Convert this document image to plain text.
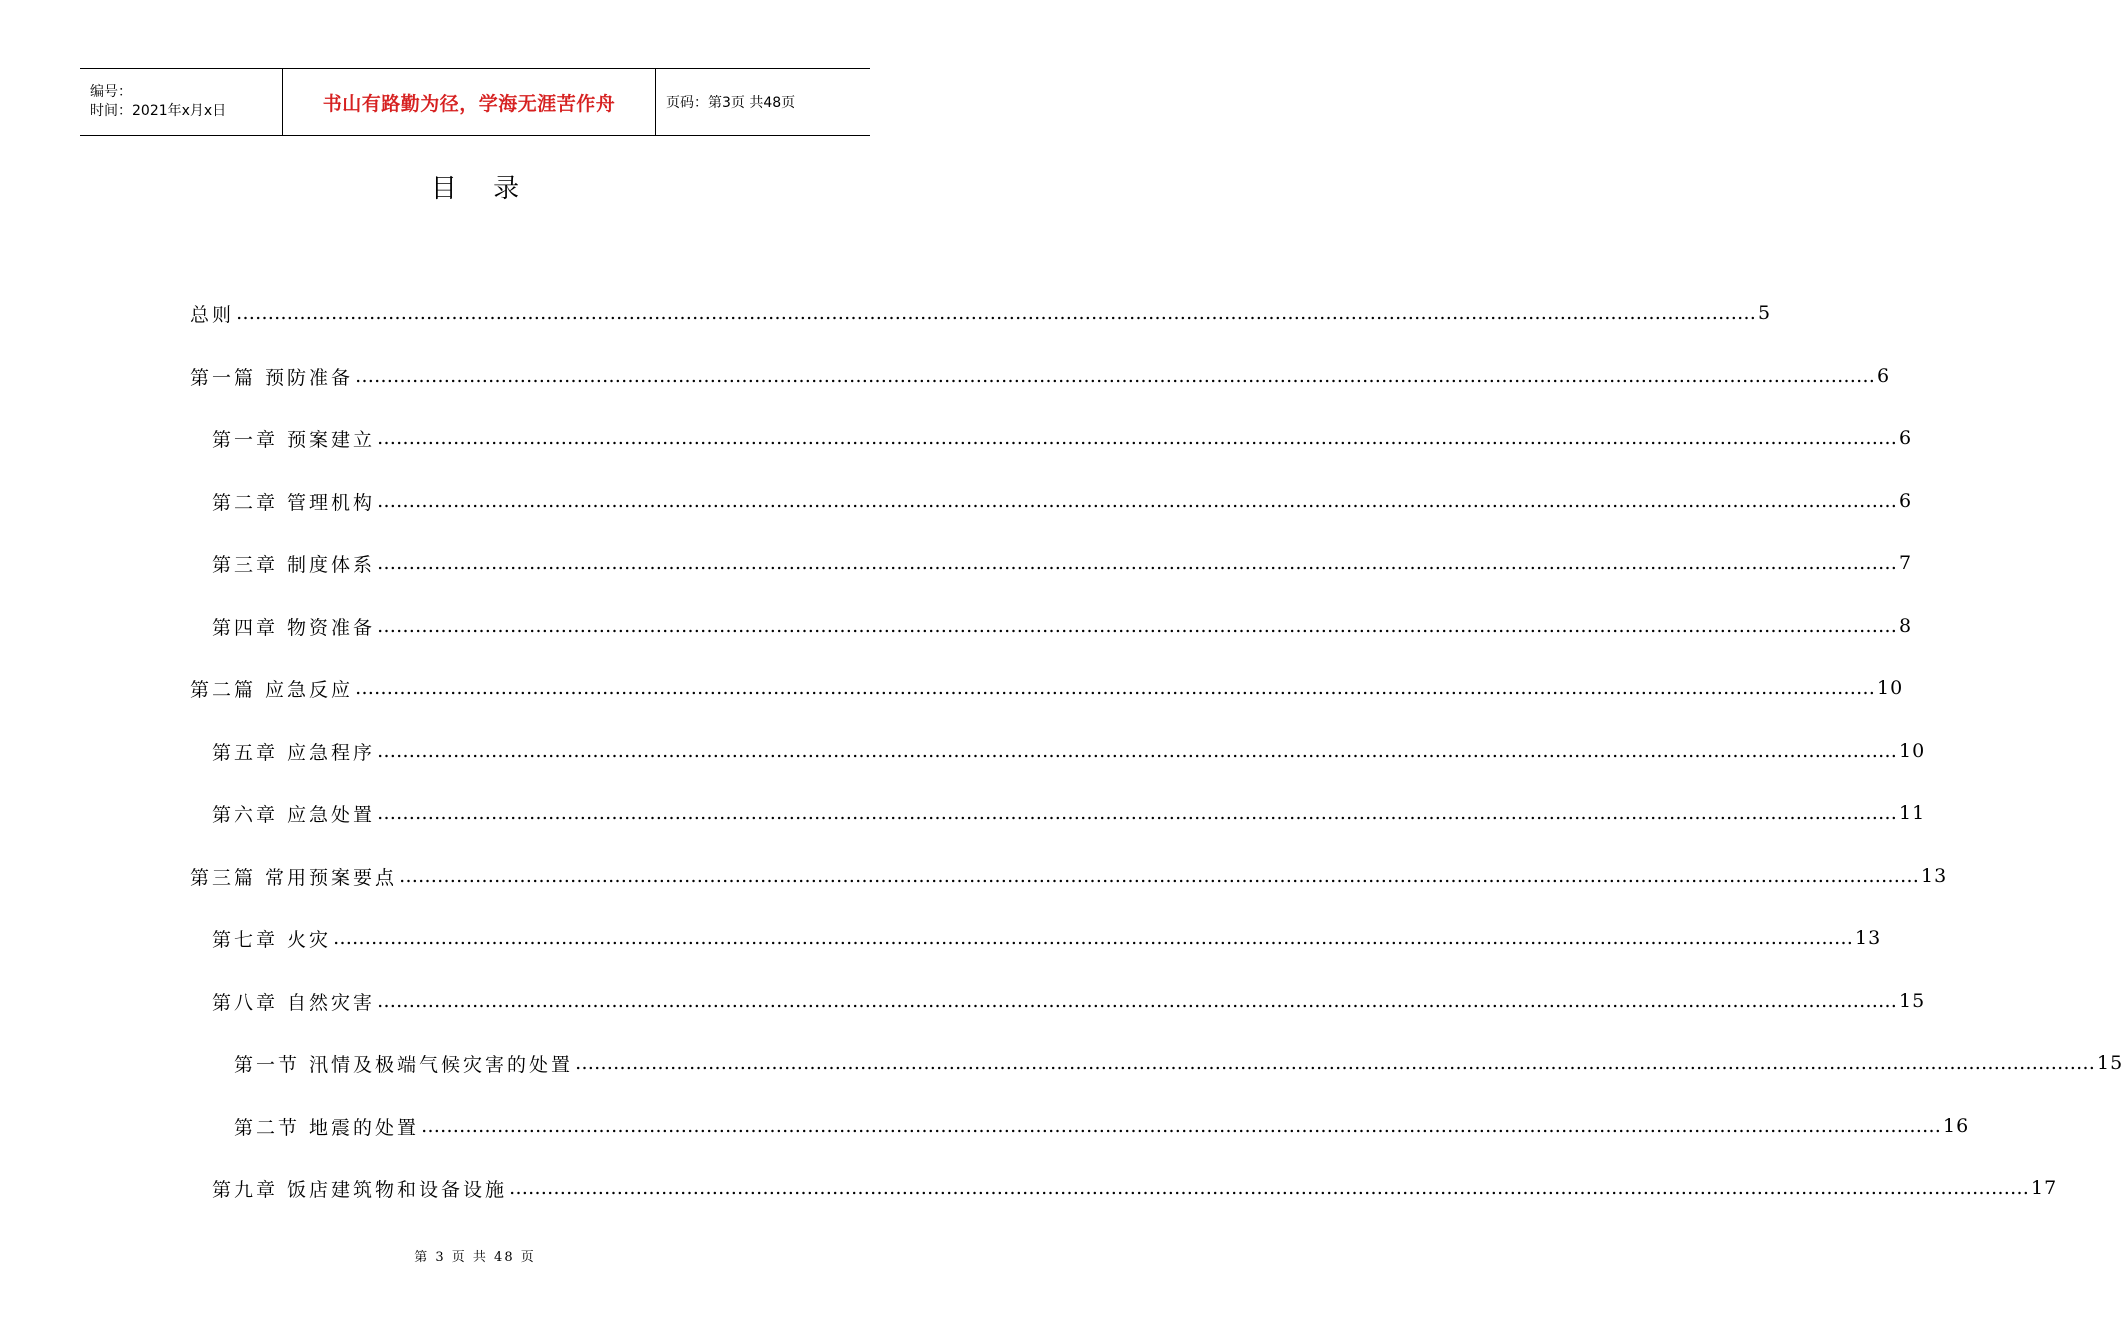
编号：
时间：2021年x月x日	书山有路勤为径，学海无涯苦作舟	页码：第3页 共48页
目 录
总则 …………………………………………………………………………………………………………………………………………………………………………………………………………………… 5
第一篇 预防准备 …………………………………………………………………………………………………………………………………………………………………………………………………………………… 6
第一章 预案建立 …………………………………………………………………………………………………………………………………………………………………………………………………………………… 6
第二章 管理机构 …………………………………………………………………………………………………………………………………………………………………………………………………………………… 6
第三章 制度体系 …………………………………………………………………………………………………………………………………………………………………………………………………………………… 7
第四章 物资准备 …………………………………………………………………………………………………………………………………………………………………………………………………………………… 8
第二篇 应急反应 …………………………………………………………………………………………………………………………………………………………………………………………………………………… 10
第五章 应急程序 …………………………………………………………………………………………………………………………………………………………………………………………………………………… 10
第六章 应急处置 …………………………………………………………………………………………………………………………………………………………………………………………………………………… 11
第三篇 常用预案要点 …………………………………………………………………………………………………………………………………………………………………………………………………………………… 13
第七章 火灾 …………………………………………………………………………………………………………………………………………………………………………………………………………………… 13
第八章 自然灾害 …………………………………………………………………………………………………………………………………………………………………………………………………………………… 15
第一节 汛情及极端气候灾害的处置 …………………………………………………………………………………………………………………………………………………………………………………………………………………… 15
第二节 地震的处置 …………………………………………………………………………………………………………………………………………………………………………………………………………………… 16
第九章 饭店建筑物和设备设施 …………………………………………………………………………………………………………………………………………………………………………………………………………………… 17
第 3 页 共 48 页
